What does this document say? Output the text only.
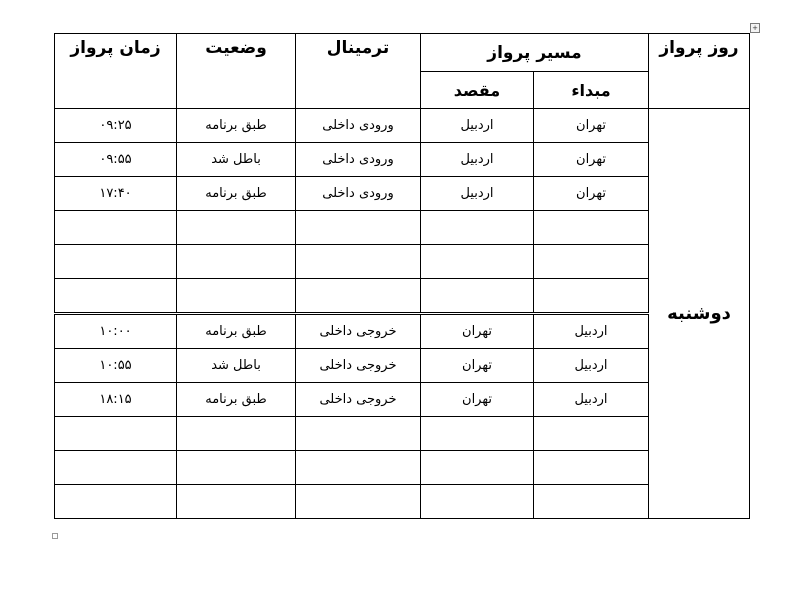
+
زمان پرواز	وضعیت	ترمینال	مسیر پرواز		روز پرواز
			مقصد	مبداء	
۰۹:۲۵	طبق برنامه	ورودی داخلی	اردبیل	تهران	دوشنبه
۰۹:۵۵	باطل شد	ورودی داخلی	اردبیل	تهران	
۱۷:۴۰	طبق برنامه	ورودی داخلی	اردبیل	تهران	

۱۰:۰۰	طبق برنامه	خروجی داخلی	تهران	اردبیل	
۱۰:۵۵	باطل شد	خروجی داخلی	تهران	اردبیل	
۱۸:۱۵	طبق برنامه	خروجی داخلی	تهران	اردبیل	
